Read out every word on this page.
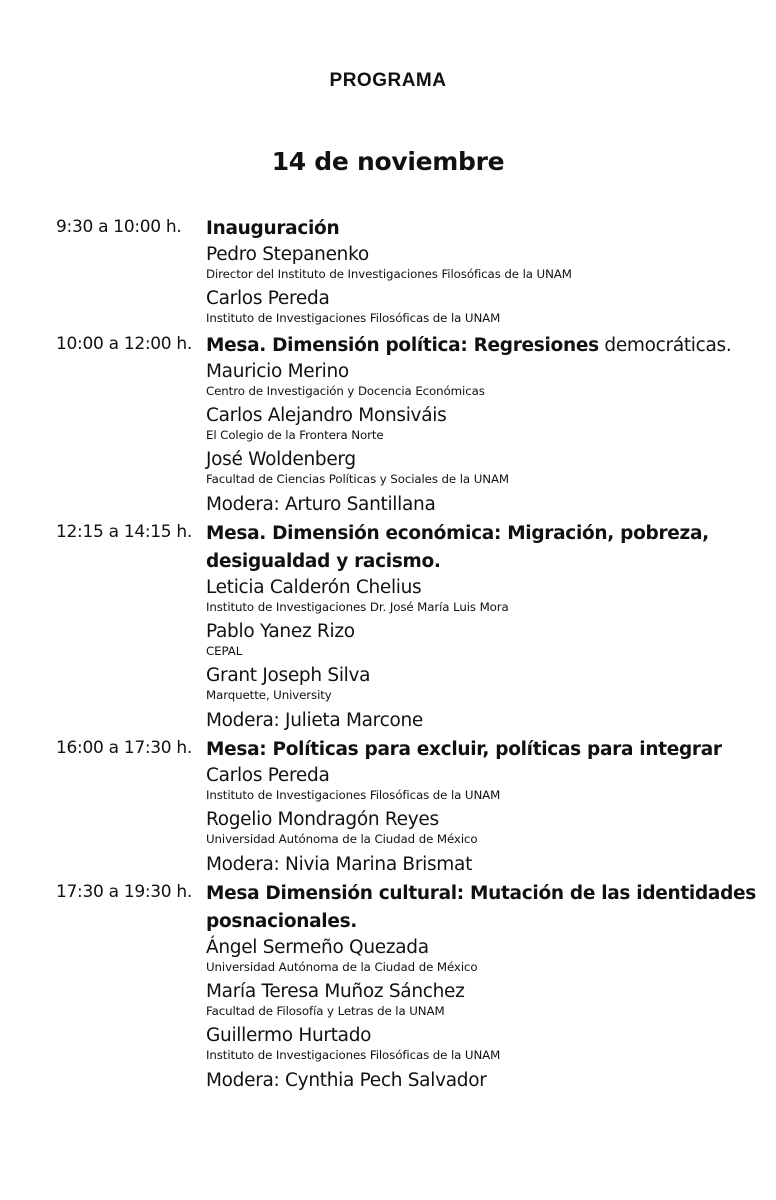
PROGRAMA
14 de noviembre
9:30 a 10:00 h. Inauguración
Pedro Stepanenko
Director del Instituto de Investigaciones Filosóficas de la UNAM
Carlos Pereda
Instituto de Investigaciones Filosóficas de la UNAM
10:00 a 12:00 h. Mesa. Dimensión política: Regresiones democráticas.
Mauricio Merino
Centro de Investigación y Docencia Económicas
Carlos Alejandro Monsiváis
El Colegio de la Frontera Norte
José Woldenberg
Facultad de Ciencias Políticas y Sociales de la UNAM
Modera: Arturo Santillana
12:15 a 14:15 h. Mesa. Dimensión económica: Migración, pobreza, desigualdad y racismo.
Leticia Calderón Chelius
Instituto de Investigaciones Dr. José María Luis Mora
Pablo Yanez Rizo
CEPAL
Grant Joseph Silva
Marquette, University
Modera: Julieta Marcone
16:00 a 17:30 h. Mesa: Políticas para excluir, políticas para integrar
Carlos Pereda
Instituto de Investigaciones Filosóficas de la UNAM
Rogelio Mondragón Reyes
Universidad Autónoma de la Ciudad de México
Modera: Nivia Marina Brismat
17:30 a 19:30 h. Mesa Dimensión cultural: Mutación de las identidades posnacionales.
Ángel Sermeño Quezada
Universidad Autónoma de la Ciudad de México
María Teresa Muñoz Sánchez
Facultad de Filosofía y Letras de la UNAM
Guillermo Hurtado
Instituto de Investigaciones Filosóficas de la UNAM
Modera: Cynthia Pech Salvador
